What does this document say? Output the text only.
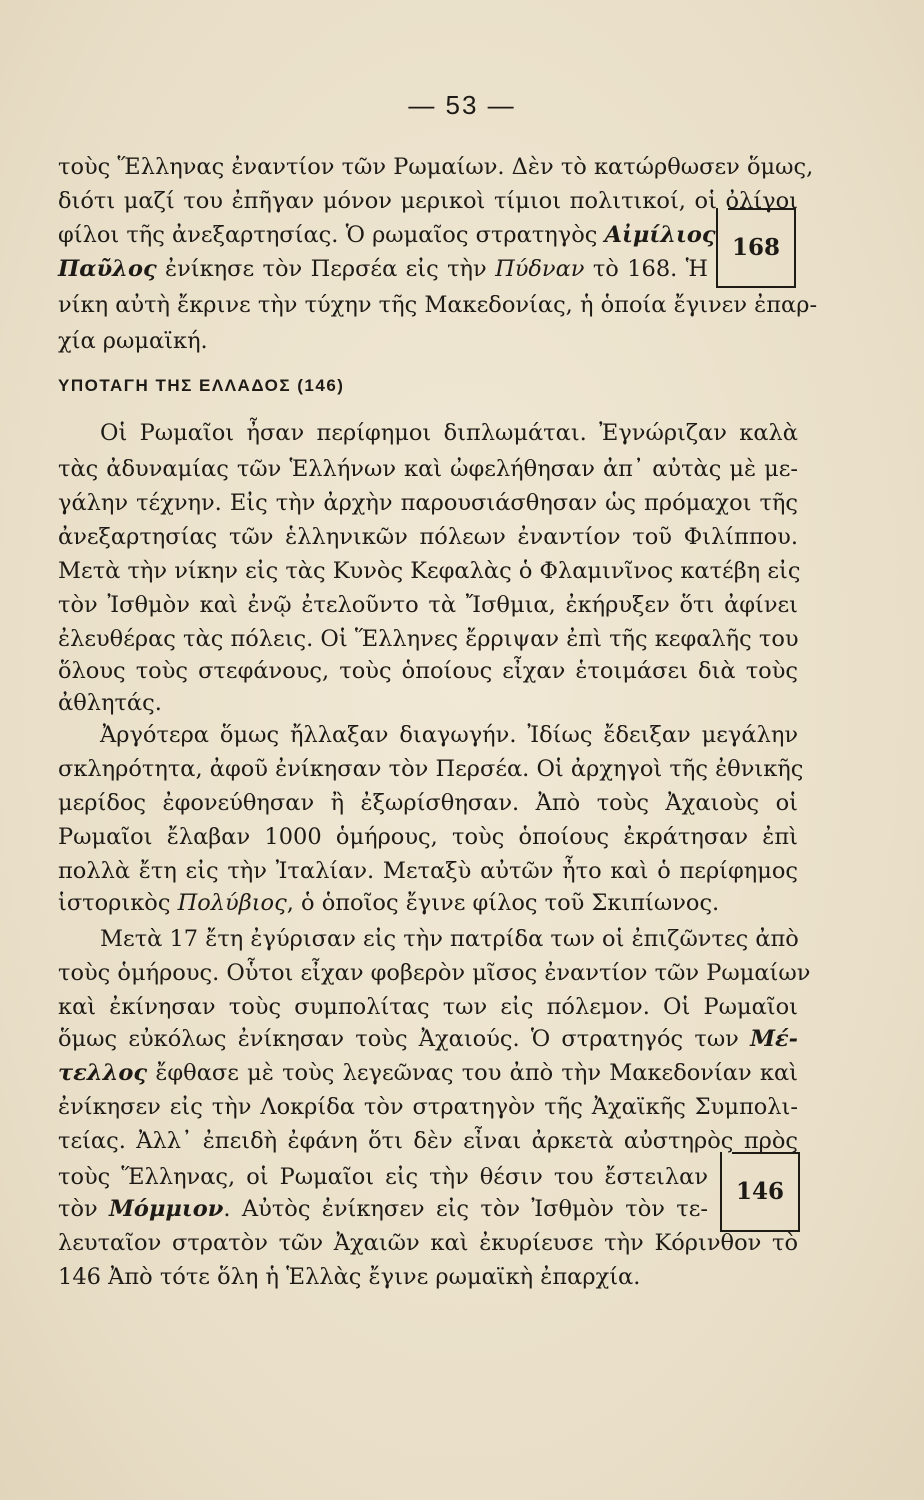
— 53 —
τοὺς Ἕλληνας ἐναντίον τῶν Ρωμαίων. Δὲν τὸ κατώρθωσεν ὅμως,
διότι μαζί του ἐπῆγαν μόνον μερικοὶ τίμιοι πολιτικοί, οἱ ὀλίγοι
φίλοι τῆς ἀνεξαρτησίας. Ὁ ρωμαῖος στρατηγὸς Αἰμίλιος
Παῦλος ἐνίκησε τὸν Περσέα εἰς τὴν Πύδναν τὸ 168. Ἡ
νίκη αὐτὴ ἔκρινε τὴν τύχην τῆς Μακεδονίας, ἡ ὁποία ἔγινεν ἐπαρ-
χία ρωμαϊκή.
168
ΥΠΟΤΑΓΗ ΤΗΣ ΕΛΛΑΔΟΣ (146)
Οἱ Ρωμαῖοι ἦσαν περίφημοι διπλωμάται. Ἐγνώριζαν καλὰ
τὰς ἀδυναμίας τῶν Ἑλλήνων καὶ ὠφελήθησαν ἀπ᾽ αὐτὰς μὲ με-
γάλην τέχνην. Εἰς τὴν ἀρχὴν παρουσιάσθησαν ὡς πρόμαχοι τῆς
ἀνεξαρτησίας τῶν ἑλληνικῶν πόλεων ἐναντίον τοῦ Φιλίππου.
Μετὰ τὴν νίκην εἰς τὰς Κυνὸς Κεφαλὰς ὁ Φλαμινῖνος κατέβη εἰς
τὸν Ἰσθμὸν καὶ ἐνῷ ἐτελοῦντο τὰ Ἴσθμια, ἐκήρυξεν ὅτι ἀφίνει
ἐλευθέρας τὰς πόλεις. Οἱ Ἕλληνες ἔρριψαν ἐπὶ τῆς κεφαλῆς του
ὅλους τοὺς στεφάνους, τοὺς ὁποίους εἶχαν ἑτοιμάσει διὰ τοὺς
ἀθλητάς.
Ἀργότερα ὅμως ἤλλαξαν διαγωγήν. Ἰδίως ἔδειξαν μεγάλην
σκληρότητα, ἀφοῦ ἐνίκησαν τὸν Περσέα. Οἱ ἀρχηγοὶ τῆς ἐθνικῆς
μερίδος ἐφονεύθησαν ἢ ἐξωρίσθησαν. Ἀπὸ τοὺς Ἀχαιοὺς οἱ
Ρωμαῖοι ἔλαβαν 1000 ὁμήρους, τοὺς ὁποίους ἐκράτησαν ἐπὶ
πολλὰ ἔτη εἰς τὴν Ἰταλίαν. Μεταξὺ αὐτῶν ἦτο καὶ ὁ περίφημος
ἱστορικὸς Πολύβιος, ὁ ὁποῖος ἔγινε φίλος τοῦ Σκιπίωνος.
Μετὰ 17 ἔτη ἐγύρισαν εἰς τὴν πατρίδα των οἱ ἐπιζῶντες ἀπὸ
τοὺς ὁμήρους. Οὗτοι εἶχαν φοβερὸν μῖσος ἐναντίον τῶν Ρωμαίων
καὶ ἐκίνησαν τοὺς συμπολίτας των εἰς πόλεμον. Οἱ Ρωμαῖοι
ὅμως εὐκόλως ἐνίκησαν τοὺς Ἀχαιούς. Ὁ στρατηγός των Μέ-
τελλος ἔφθασε μὲ τοὺς λεγεῶνας του ἀπὸ τὴν Μακεδονίαν καὶ
ἐνίκησεν εἰς τὴν Λοκρίδα τὸν στρατηγὸν τῆς Ἀχαϊκῆς Συμπολι-
τείας. Ἀλλ᾽ ἐπειδὴ ἐφάνη ὅτι δὲν εἶναι ἀρκετὰ αὐστηρὸς πρὸς
τοὺς Ἕλληνας, οἱ Ρωμαῖοι εἰς τὴν θέσιν του ἔστειλαν
τὸν Μόμμιον. Αὐτὸς ἐνίκησεν εἰς τὸν Ἰσθμὸν τὸν τε-
λευταῖον στρατὸν τῶν Ἀχαιῶν καὶ ἐκυρίευσε τὴν Κόρινθον τὸ
146 Ἀπὸ τότε ὅλη ἡ Ἑλλὰς ἔγινε ρωμαϊκὴ ἐπαρχία.
146
